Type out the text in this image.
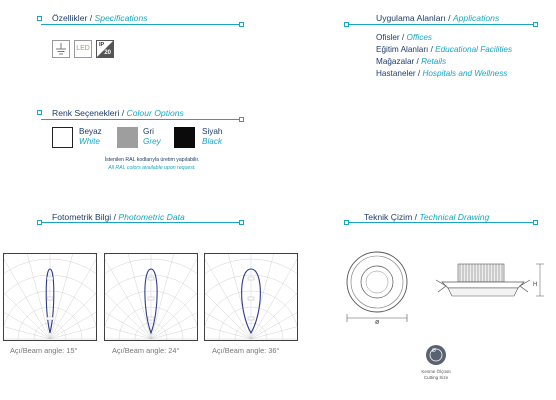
Özellikler / Specifications
LED	IP
20
Uygulama Alanları / Applications
Ofisler / Offices
Eğitim Alanları / Educational Facilities
Mağazalar / Retails
Hastaneler / Hospitals and Wellness
Renk Seçenekleri / Colour Options
Beyaz
White
Gri
Grey
Siyah
Black
İstenilen RAL kodlarıyla üretim yapılabilir.
All RAL colors available upon request.
Fotometrik Bilgi / Photometric Data
Açı/Beam angle: 15°	Açı/Beam angle: 24°	Açı/Beam angle: 36°
Teknik Çizim / Technical Drawing
ø
H
Ø
Kesme Ölçüsü
Cutting Size
